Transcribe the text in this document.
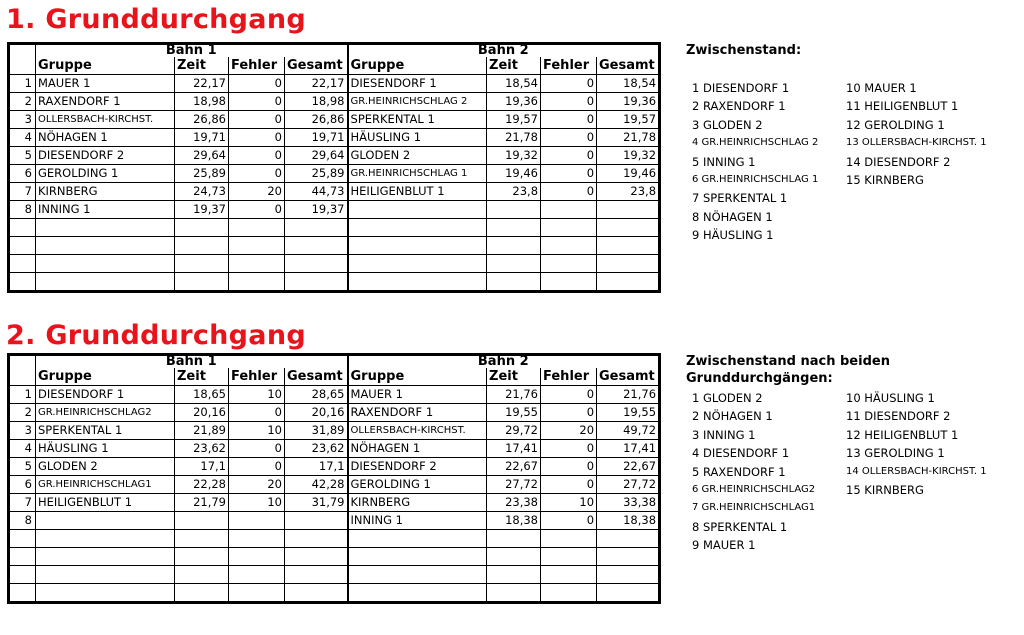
1. Grunddurchgang
	Bahn 1				Bahn 2			
	Gruppe	Zeit	Fehler	Gesamt	Gruppe	Zeit	Fehler	Gesamt
1	MAUER 1	22,17	0	22,17	DIESENDORF 1	18,54	0	18,54
2	RAXENDORF 1	18,98	0	18,98	GR.HEINRICHSCHLAG 2	19,36	0	19,36
3	OLLERSBACH-KIRCHST.	26,86	0	26,86	SPERKENTAL 1	19,57	0	19,57
4	NÖHAGEN 1	19,71	0	19,71	HÄUSLING 1	21,78	0	21,78
5	DIESENDORF 2	29,64	0	29,64	GLODEN 2	19,32	0	19,32
6	GEROLDING 1	25,89	0	25,89	GR.HEINRICHSCHLAG 1	19,46	0	19,46
7	KIRNBERG	24,73	20	44,73	HEILIGENBLUT 1	23,8	0	23,8
8	INNING 1	19,37	0	19,37				

Zwischenstand:
1 DIESENDORF 1
2 RAXENDORF 1
3 GLODEN 2
4 GR.HEINRICHSCHLAG 2
5 INNING 1
6 GR.HEINRICHSCHLAG 1
7 SPERKENTAL 1
8 NÖHAGEN 1
9 HÄUSLING 1
10 MAUER 1
11 HEILIGENBLUT 1
12 GEROLDING 1
13 OLLERSBACH-KIRCHST. 1
14 DIESENDORF 2
15 KIRNBERG
2. Grunddurchgang
	Bahn 1				Bahn 2			
	Gruppe	Zeit	Fehler	Gesamt	Gruppe	Zeit	Fehler	Gesamt
1	DIESENDORF 1	18,65	10	28,65	MAUER 1	21,76	0	21,76
2	GR.HEINRICHSCHLAG2	20,16	0	20,16	RAXENDORF 1	19,55	0	19,55
3	SPERKENTAL 1	21,89	10	31,89	OLLERSBACH-KIRCHST.	29,72	20	49,72
4	HÄUSLING 1	23,62	0	23,62	NÖHAGEN 1	17,41	0	17,41
5	GLODEN 2	17,1	0	17,1	DIESENDORF 2	22,67	0	22,67
6	GR.HEINRICHSCHLAG1	22,28	20	42,28	GEROLDING 1	27,72	0	27,72
7	HEILIGENBLUT 1	21,79	10	31,79	KIRNBERG	23,38	10	33,38
8					INNING 1	18,38	0	18,38

Zwischenstand nach beiden
Grunddurchgängen:
1 GLODEN 2
2 NÖHAGEN 1
3 INNING 1
4 DIESENDORF 1
5 RAXENDORF 1
6 GR.HEINRICHSCHLAG2
7 GR.HEINRICHSCHLAG1
8 SPERKENTAL 1
9 MAUER 1
10 HÄUSLING 1
11 DIESENDORF 2
12 HEILIGENBLUT 1
13 GEROLDING 1
14 OLLERSBACH-KIRCHST. 1
15 KIRNBERG
